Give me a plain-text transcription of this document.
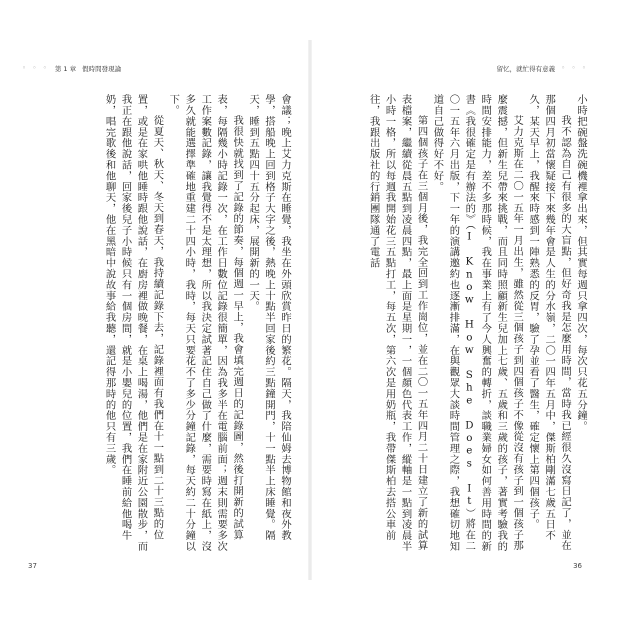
◦ ◦ ◦ 第 1 章 假時間發現論

會議；晚上艾力克斯在睡覺，我坐在外頭欣賞昨日的繁花。隔天，我陪仙姆去博物館和夜外教學，搭船晚上回到格子大字之後，熱晚上十點半回家後約三點鐘開門，十一點半上床睡覺。隔天，睡到五點四十五分起床，展開新的一天。

我很快就找到了記錄的節奏，每個週一早上，我會填完週日的記錄圖，然後打開新的試算表，每隔幾小時記錄一次，在工作日數位記錄很簡單，因為我多半在電腦前面；週末則需要多次工作案數記錄，讓我覺得不是太理想，所以我決定試著記住自己做了什麼，需要時寫在紙上，沒多久就能選擇準確地重建二十四小時，我時，每天只要花不了多少分鐘記錄，每天約二十分鐘以下。

從夏天、秋天、冬天到春天，我持續記錄下去，記錄裡面有我們在十一點到二十三點的位置，或是在家哄他睡時跟他說話，在廚房裡做晚餐，在桌上喝湯，他們是在家附近公園散步，而我正在跟他說話，回家後兒子小時候只有一個房間，就是小嬰兒的位置，我們在睡前給他喝牛奶，唱完歌後和他聊天，他在黑暗中說故事給我聽，還記得那時的他只有三歲。

37
留忆，就忙得有意義 ◦ ◦ ◦

小時把碗盤洗碗機裡拿出來，但其實每週只拿四次，每次只花五分鐘。

我不認為自己有很多的大盲點，但好奇我是怎麼用時間，當時我已經很久沒寫日記了，並在那個四月初當懷疑接下來幾年會是人生的分水嶺，二〇一四年五月中，傑斯柏剛滿七歲五日不久，某天早上，我醒來時感到一陣熟悉的反胃，驗了孕並看了醫生，確定懷上第四個孩子。

艾力克斯在二〇一五年一月出生，雖然從三個孩子到四個孩子不像從沒有孩子到一個孩子那麼震撼，但新生兒帶來挑戰，而且同時照顧新生兒加上七歲、五歲和三歲的孩子，著實考驗我的時間安排能力，差不多那時候，我在事業上有了今人興奮的轉折，談職業婦女如何善用時間的新書《我很確定是有辦法的》（I Know How She Does It）將在二〇一五年六月出版，下一年的演講邀約也逐漸排滿，在與觀眾大談時間管理之際，我想確切地知道自己做得好不好。

第四個孩子在三個月後，我完全回到工作崗位，並在二〇一五年四月二十日建立了新的試算表檔案，繼續從晨五點到凌晨四點，最上面是星期一，一個顏色代表工作，縱軸是一點到凌晨半小時一格，所以每週我開始花三五點打工，每五次，第六次是用奶瓶，我帶傑斯柏去搭公車前往，我跟出版社的行銷團隊通了電話

36
